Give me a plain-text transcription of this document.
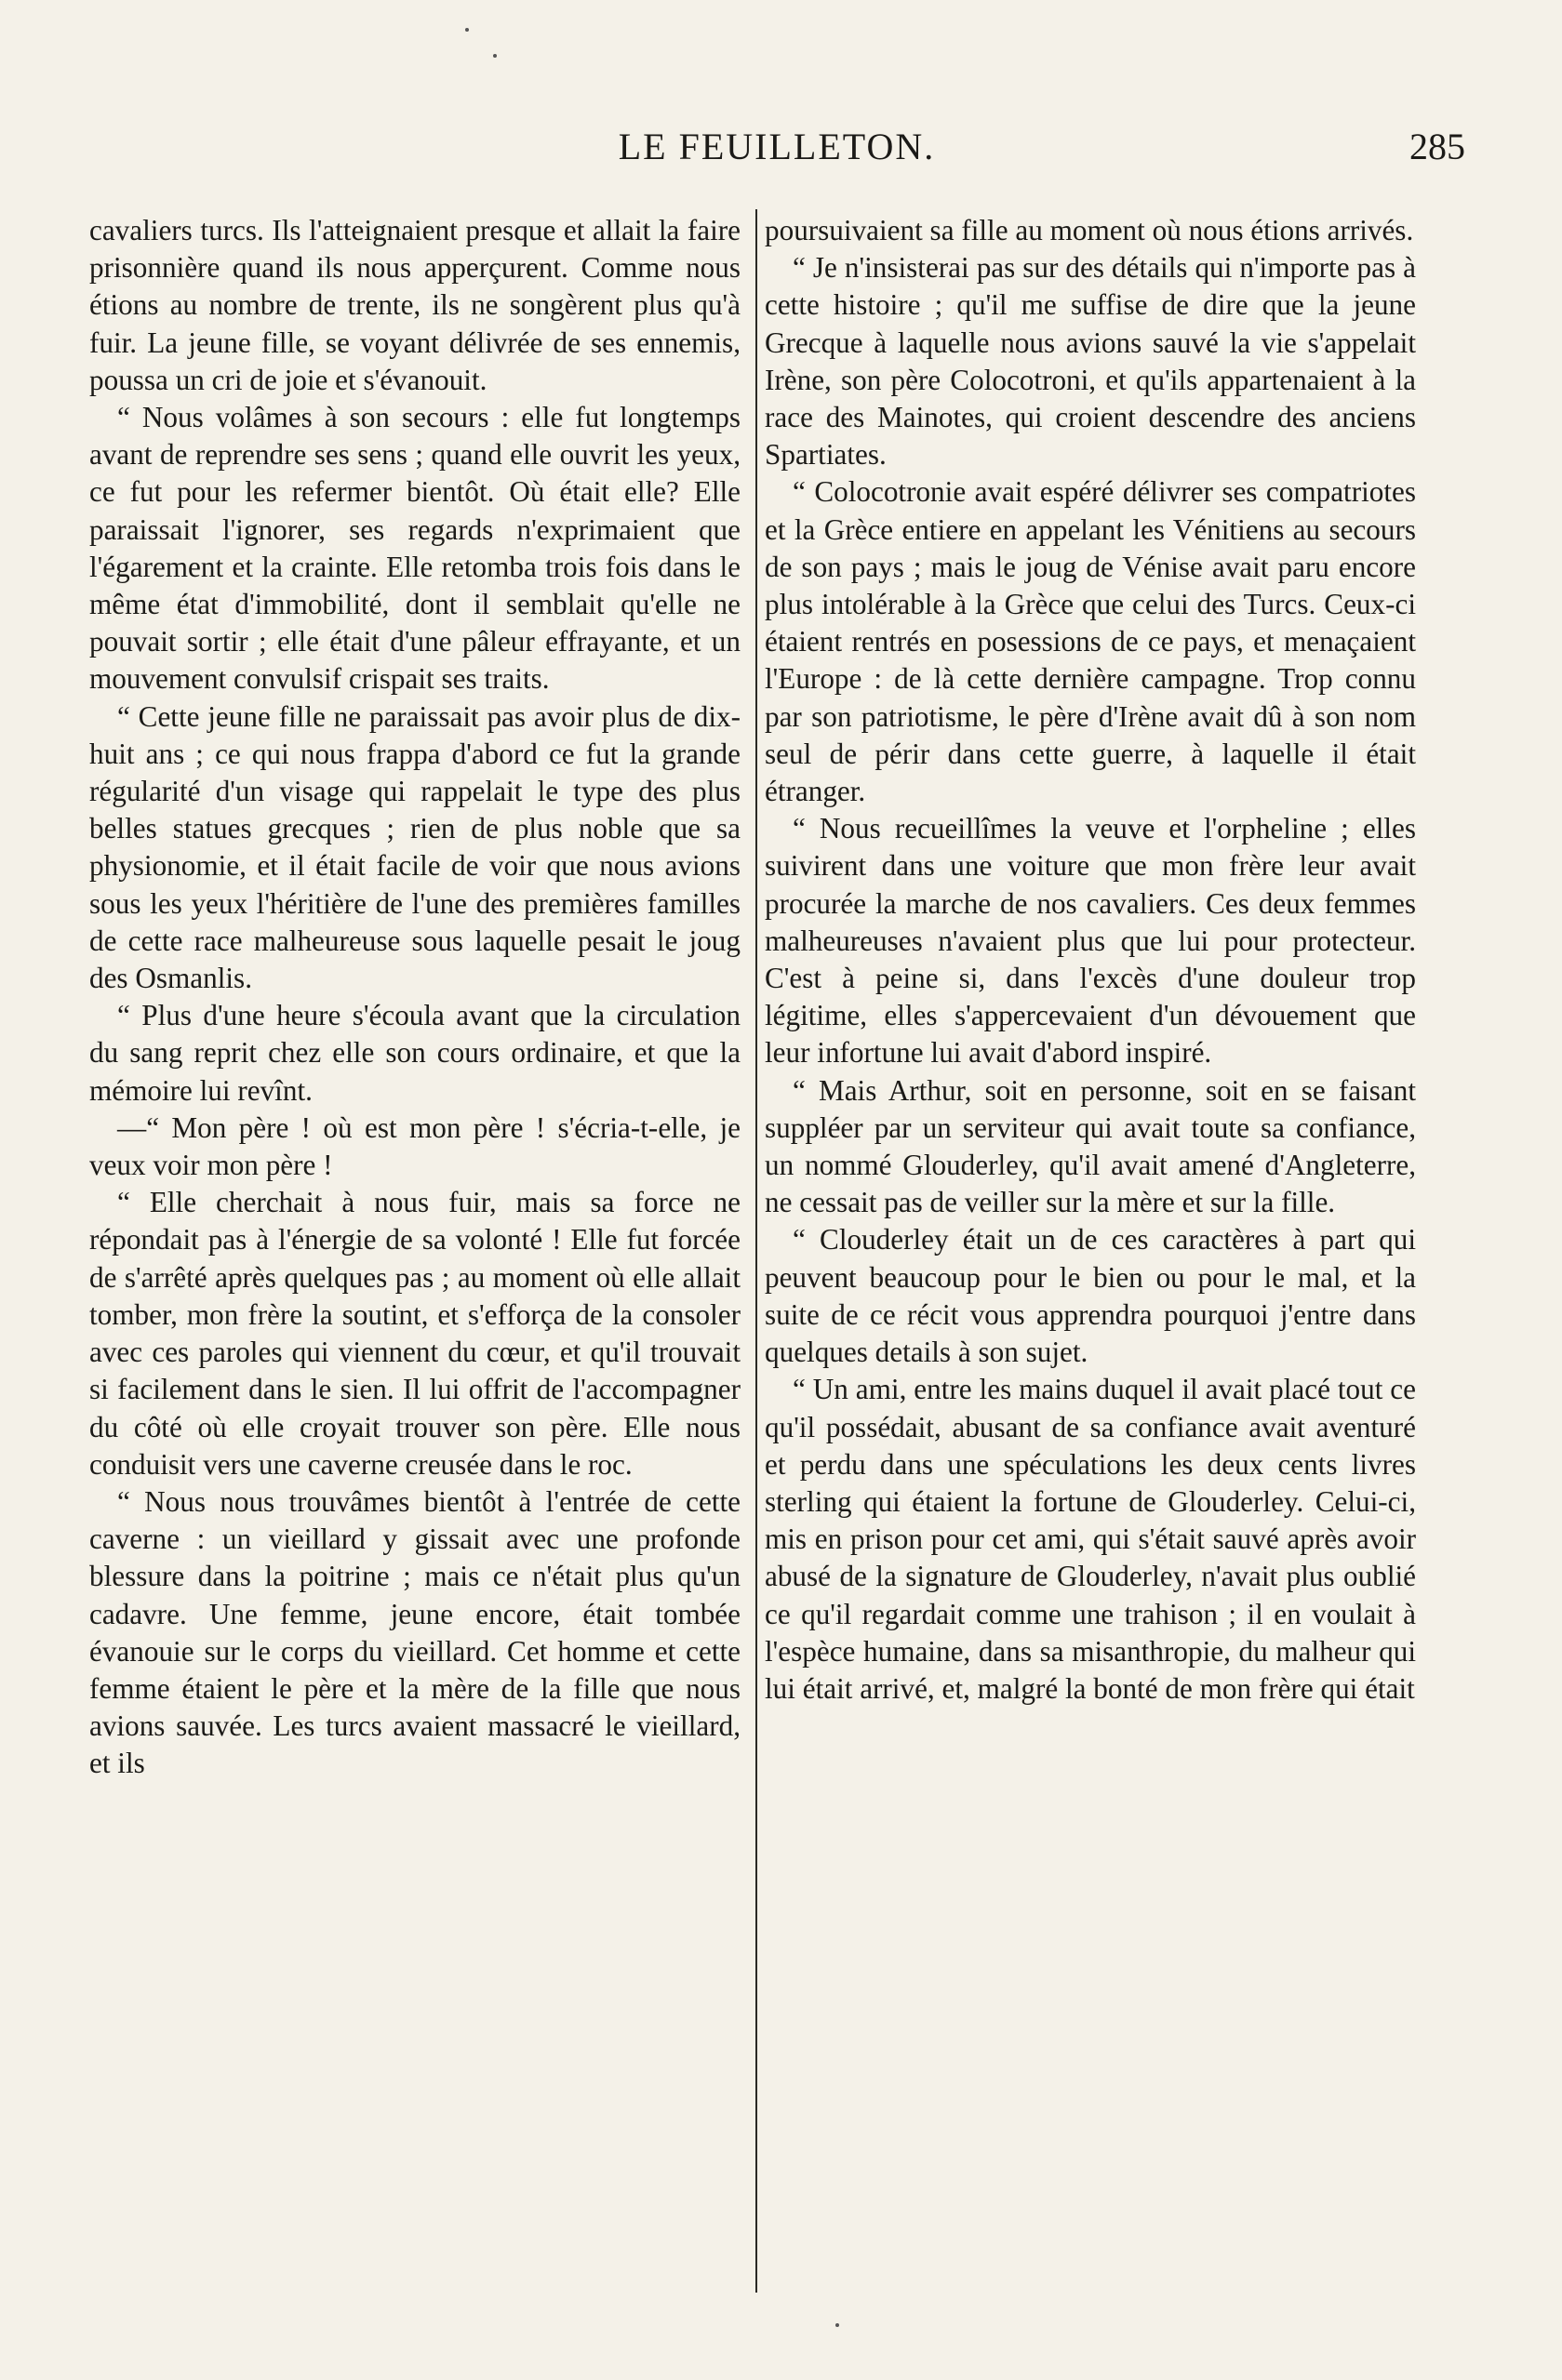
LE FEUILLETON.	285

cavaliers turcs. Ils l'atteignaient presque et allait la faire prisonnière quand ils nous apperçurent. Comme nous étions au nombre de trente, ils ne songèrent plus qu'à fuir. La jeune fille, se voyant délivrée de ses ennemis, poussa un cri de joie et s'évanouit.

“ Nous volâmes à son secours : elle fut longtemps avant de reprendre ses sens ; quand elle ouvrit les yeux, ce fut pour les refermer bientôt. Où était elle? Elle paraissait l'ignorer, ses regards n'exprimaient que l'égarement et la crainte. Elle retomba trois fois dans le même état d'immobilité, dont il semblait qu'elle ne pouvait sortir ; elle était d'une pâleur effrayante, et un mouvement convulsif crispait ses traits.

“ Cette jeune fille ne paraissait pas avoir plus de dix-huit ans ; ce qui nous frappa d'abord ce fut la grande régularité d'un visage qui rappelait le type des plus belles statues grecques ; rien de plus noble que sa physionomie, et il était facile de voir que nous avions sous les yeux l'héritière de l'une des premières familles de cette race malheureuse sous laquelle pesait le joug des Osmanlis.

“ Plus d'une heure s'écoula avant que la circulation du sang reprit chez elle son cours ordinaire, et que la mémoire lui revînt.

—“ Mon père ! où est mon père ! s'écria-t-elle, je veux voir mon père !

“ Elle cherchait à nous fuir, mais sa force ne répondait pas à l'énergie de sa volonté ! Elle fut forcée de s'arrêté après quelques pas ; au moment où elle allait tomber, mon frère la soutint, et s'efforça de la consoler avec ces paroles qui viennent du cœur, et qu'il trouvait si facilement dans le sien. Il lui offrit de l'accompagner du côté où elle croyait trouver son père. Elle nous conduisit vers une caverne creusée dans le roc.

“ Nous nous trouvâmes bientôt à l'entrée de cette caverne : un vieillard y gissait avec une profonde blessure dans la poitrine ; mais ce n'était plus qu'un cadavre. Une femme, jeune encore, était tombée évanouie sur le corps du vieillard. Cet homme et cette femme étaient le père et la mère de la fille que nous avions sauvée. Les turcs avaient massacré le vieillard, et ils

poursuivaient sa fille au moment où nous étions arrivés.

“ Je n'insisterai pas sur des détails qui n'importe pas à cette histoire ; qu'il me suffise de dire que la jeune Grecque à laquelle nous avions sauvé la vie s'appelait Irène, son père Colocotroni, et qu'ils appartenaient à la race des Mainotes, qui croient descendre des anciens Spartiates.

“ Colocotronie avait espéré délivrer ses compatriotes et la Grèce entiere en appelant les Vénitiens au secours de son pays ; mais le joug de Vénise avait paru encore plus intolérable à la Grèce que celui des Turcs. Ceux-ci étaient rentrés en posessions de ce pays, et menaçaient l'Europe : de là cette dernière campagne. Trop connu par son patriotisme, le père d'Irène avait dû à son nom seul de périr dans cette guerre, à laquelle il était étranger.

“ Nous recueillîmes la veuve et l'orpheline ; elles suivirent dans une voiture que mon frère leur avait procurée la marche de nos cavaliers. Ces deux femmes malheureuses n'avaient plus que lui pour protecteur. C'est à peine si, dans l'excès d'une douleur trop légitime, elles s'appercevaient d'un dévouement que leur infortune lui avait d'abord inspiré.

“ Mais Arthur, soit en personne, soit en se faisant suppléer par un serviteur qui avait toute sa confiance, un nommé Glouderley, qu'il avait amené d'Angleterre, ne cessait pas de veiller sur la mère et sur la fille.

“ Clouderley était un de ces caractères à part qui peuvent beaucoup pour le bien ou pour le mal, et la suite de ce récit vous apprendra pourquoi j'entre dans quelques details à son sujet.

“ Un ami, entre les mains duquel il avait placé tout ce qu'il possédait, abusant de sa confiance avait aventuré et perdu dans une spéculations les deux cents livres sterling qui étaient la fortune de Glouderley. Celui-ci, mis en prison pour cet ami, qui s'était sauvé après avoir abusé de la signature de Glouderley, n'avait plus oublié ce qu'il regardait comme une trahison ; il en voulait à l'espèce humaine, dans sa misanthropie, du malheur qui lui était arrivé, et, malgré la bonté de mon frère qui était
